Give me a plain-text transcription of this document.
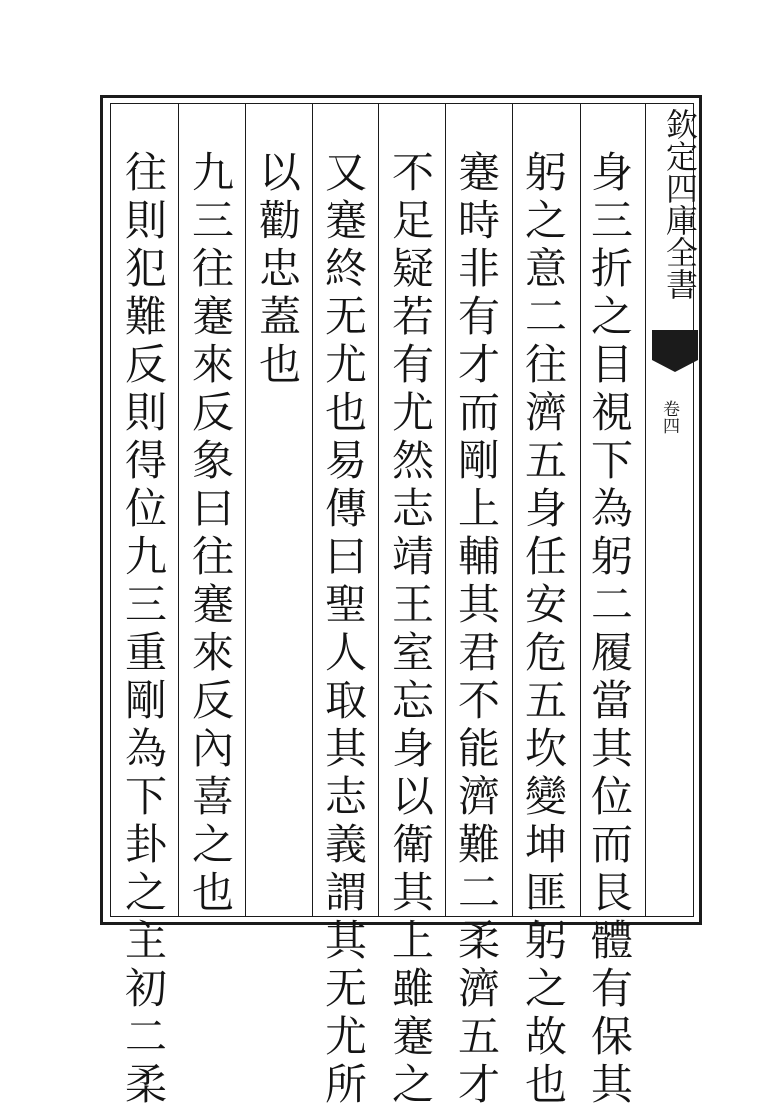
欽定四庫全書
卷四
身三折之目視下為躬二履當其位而艮體有保其
躬之意二往濟五身任安危五坎變坤匪躬之故也
蹇時非有才而剛上輔其君不能濟難二柔濟五才
不足疑若有尤然志靖王室忘身以衛其上雖蹇之
又蹇終无尤也易傳曰聖人取其志義謂其无尤所
以勸忠蓋也
九三往蹇來反象曰往蹇來反內喜之也
往則犯難反則得位九三重剛為下卦之主初二柔
